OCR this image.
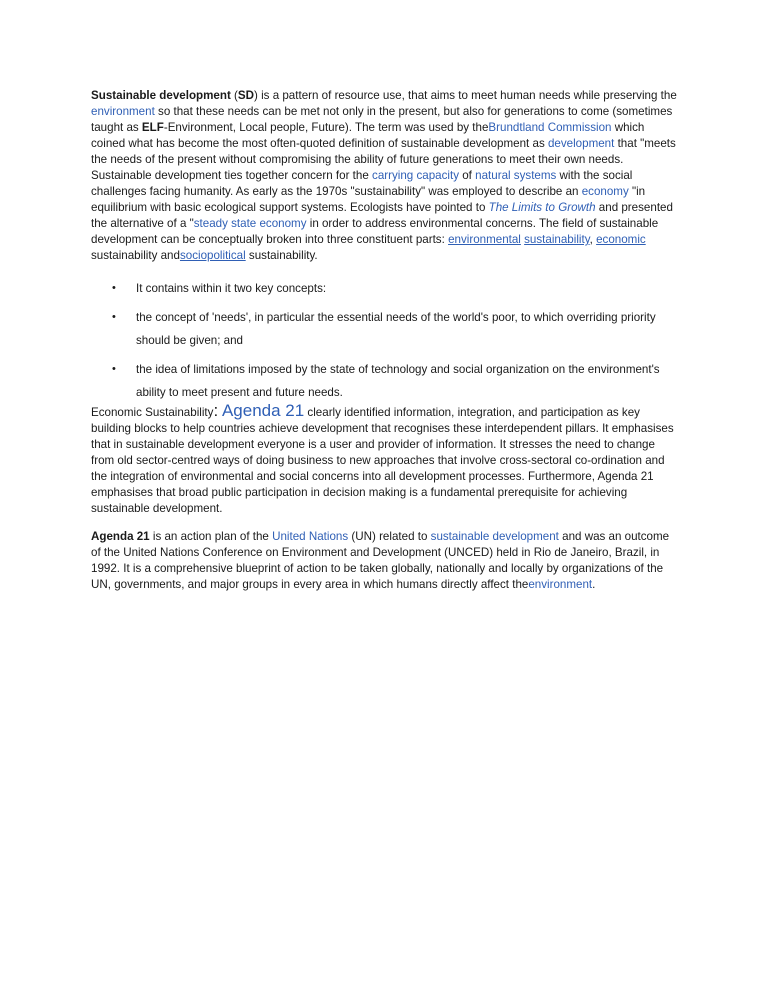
Sustainable development (SD) is a pattern of resource use, that aims to meet human needs while preserving the environment so that these needs can be met not only in the present, but also for generations to come (sometimes taught as ELF-Environment, Local people, Future). The term was used by theBrundtland Commission which coined what has become the most often-quoted definition of sustainable development as development that "meets the needs of the present without compromising the ability of future generations to meet their own needs. Sustainable development ties together concern for the carrying capacity of natural systems with the social challenges facing humanity. As early as the 1970s "sustainability" was employed to describe an economy "in equilibrium with basic ecological support systems. Ecologists have pointed to The Limits to Growth and presented the alternative of a "steady state economy in order to address environmental concerns. The field of sustainable development can be conceptually broken into three constituent parts: environmental sustainability, economic sustainability andsociopolitical sustainability.

• It contains within it two key concepts:
• the concept of 'needs', in particular the essential needs of the world's poor, to which overriding priority should be given; and
• the idea of limitations imposed by the state of technology and social organization on the environment's ability to meet present and future needs.

Economic Sustainability: Agenda 21 clearly identified information, integration, and participation as key building blocks to help countries achieve development that recognises these interdependent pillars. It emphasises that in sustainable development everyone is a user and provider of information. It stresses the need to change from old sector-centred ways of doing business to new approaches that involve cross-sectoral co-ordination and the integration of environmental and social concerns into all development processes. Furthermore, Agenda 21 emphasises that broad public participation in decision making is a fundamental prerequisite for achieving sustainable development.

Agenda 21 is an action plan of the United Nations (UN) related to sustainable development and was an outcome of the United Nations Conference on Environment and Development (UNCED) held in Rio de Janeiro, Brazil, in 1992. It is a comprehensive blueprint of action to be taken globally, nationally and locally by organizations of the UN, governments, and major groups in every area in which humans directly affect theenvironment.
